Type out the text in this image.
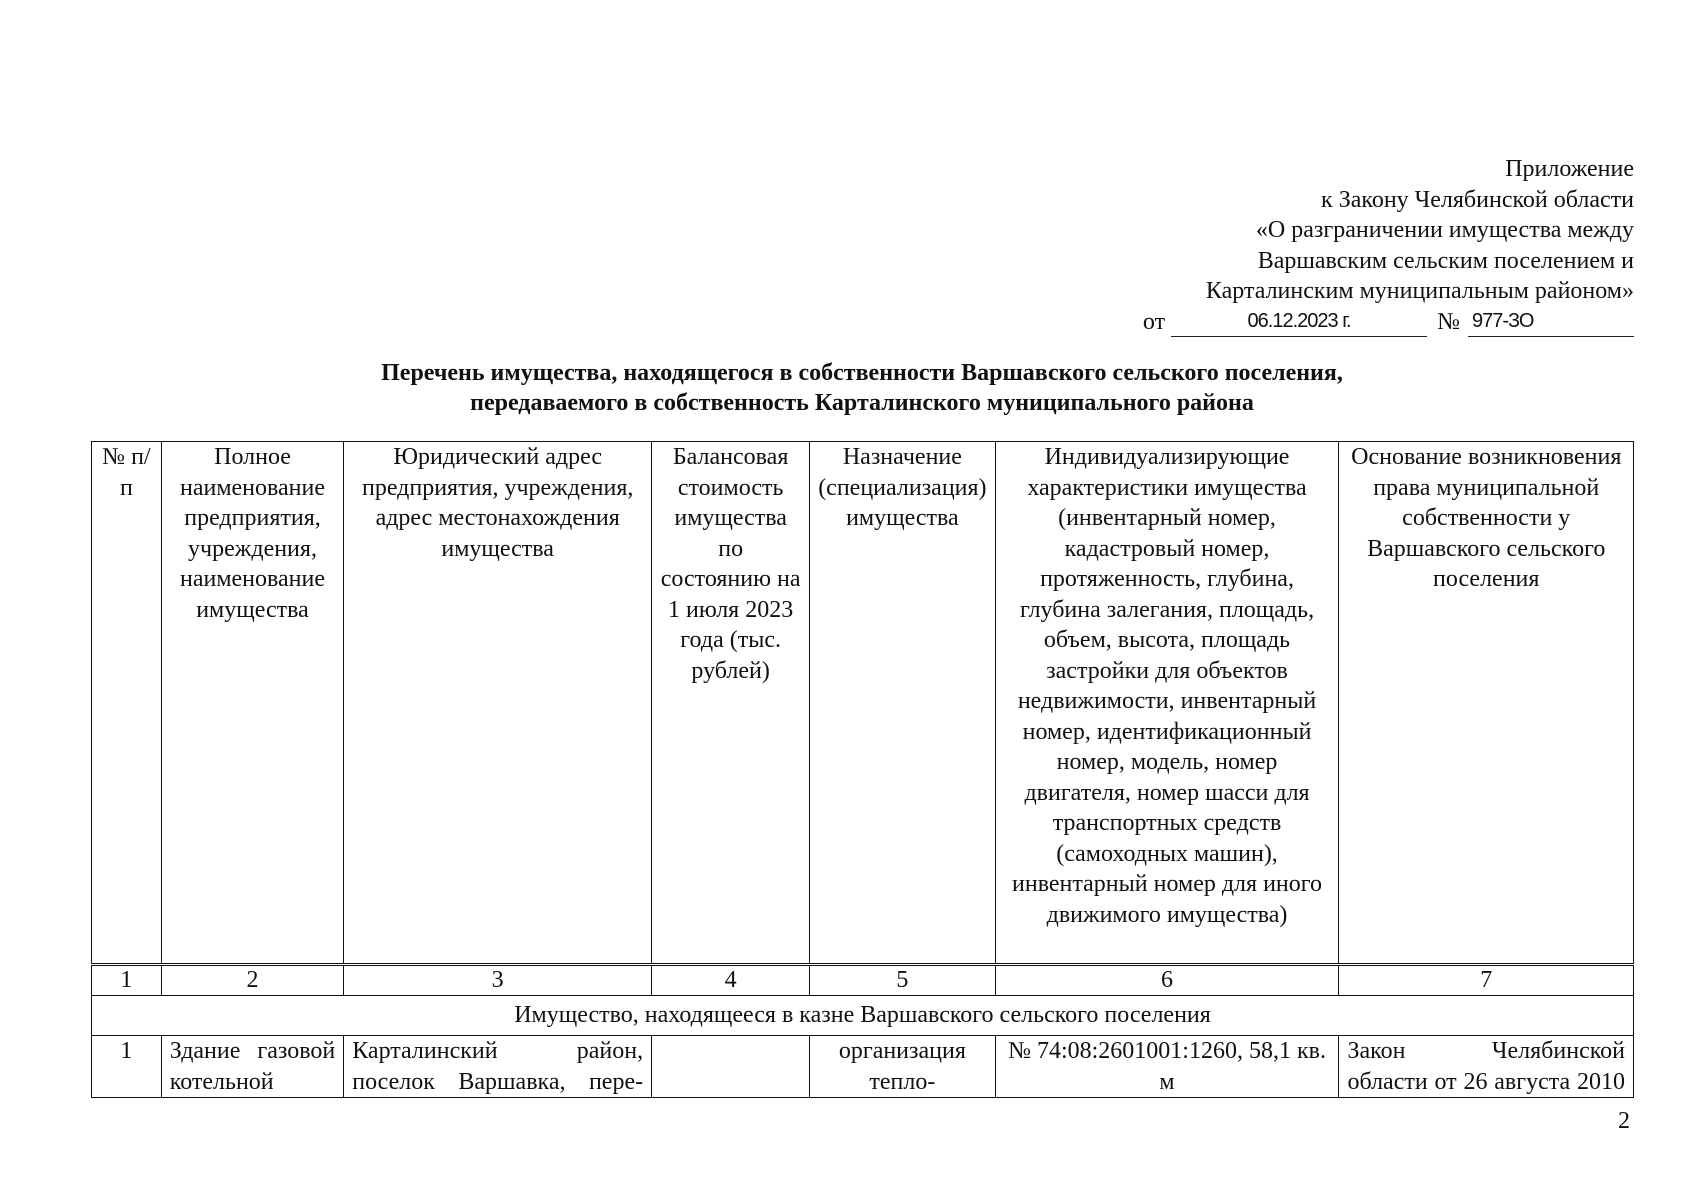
Приложение
к Закону Челябинской области
«О разграничении имущества между
Варшавским сельским поселением и
Карталинским муниципальным районом»
от	06.12.2023 г.	№ 977-ЗО
Перечень имущества, находящегося в собственности Варшавского сельского поселения,
передаваемого в собственность Карталинского муниципального района
№ п/п	Полное наименование предприятия, учреждения, наименование имущества	Юридический адрес предприятия, учреждения, адрес местонахождения имущества	Балансовая стоимость имущества по состоянию на 1 июля 2023 года (тыс. рублей)	Назначение (специализация) имущества	Индивидуализирующие характеристики имущества (инвентарный номер, кадастровый номер, протяженность, глубина, глубина залегания, площадь, объем, высота, площадь застройки для объектов недвижимости, инвентарный номер, идентификационный номер, модель, номер двигателя, номер шасси для транспортных средств (самоходных машин), инвентарный номер для иного движимого имущества)	Основание возникновения права муниципальной собственности у Варшавского сельского поселения
1	2	3	4	5	6	7
Имущество, находящееся в казне Варшавского сельского поселения						
1	Здание газовой котельной	Карталинский район, поселок Варшавка, пере-		организация тепло-	№ 74:08:2601001:1260, 58,1 кв. м	Закон Челябинской области от 26 августа 2010
2
